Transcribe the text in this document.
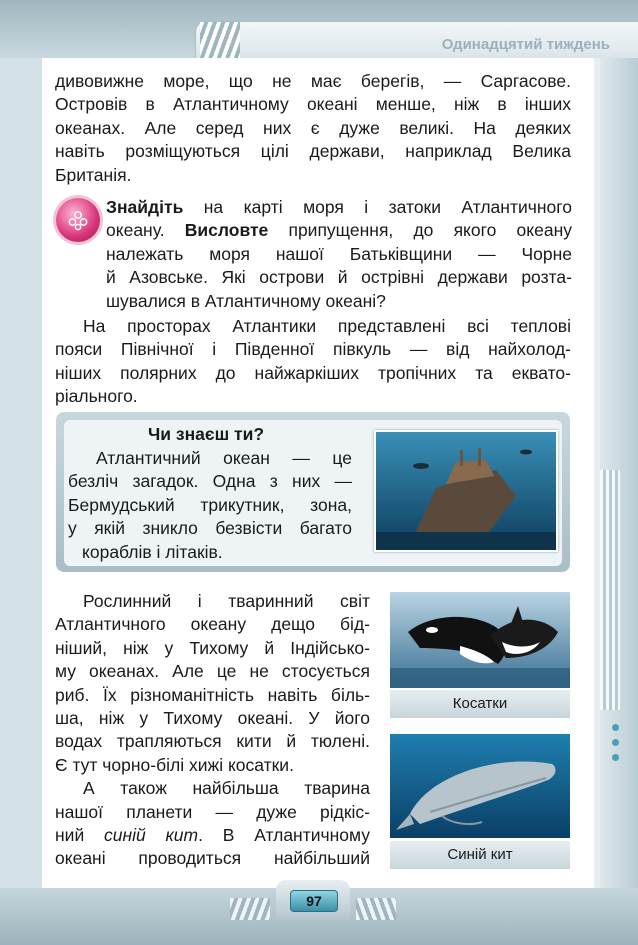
Одинадцятий тиждень
дивовижне море, що не має берегів, — Саргасове.
Островів в Атлантичному океані менше, ніж в інших
океанах. Але серед них є дуже великі. На деяких
навіть розміщуються цілі держави, наприклад Велика
Британія.
Знайдіть на карті моря і затоки Атлантичного
океану. Висловте припущення, до якого океану
належать моря нашої Батьківщини — Чорне
й Азовське. Які острови й острівні держави розта-
шувалися в Атлантичному океані?
На просторах Атлантики представлені всі теплові
пояси Північної і Південної півкуль — від найхолод-
ніших полярних до найжаркіших тропічних та еквато-
ріального.
Чи знаєш ти?
Атлантичний океан — це
безліч загадок. Одна з них —
Бермудський трикутник, зона,
у якій зникло безвісти багато
кораблів і літаків.
Рослинний і тваринний світ
Атлантичного океану дещо бід-
ніший, ніж у Тихому й Індійсько-
му океанах. Але це не стосується
риб. Їх різноманітність навіть біль-
ша, ніж у Тихому океані. У його
водах трапляються кити й тюлені.
Є тут чорно-білі хижі косатки.
А також найбільша тварина
нашої планети — дуже рідкіс-
ний синій кит. В Атлантичному
океані проводиться найбільший
Косатки
Синій кит
97
